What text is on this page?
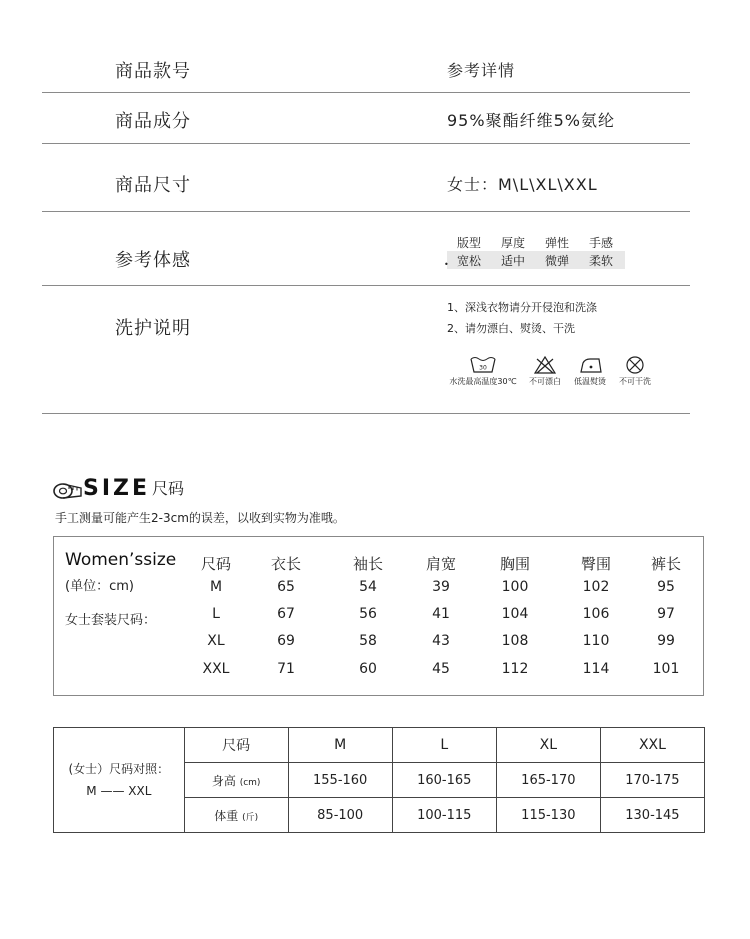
商品款号	参考详情
商品成分	95%聚酯纤维5%氨纶
商品尺寸	女士：M\L\XL\XXL
参考体感
版型	厚度	弹性	手感
宽松	适中	微弹	柔软
•
洗护说明
1、深浅衣物请分开侵泡和洗涤
2、请勿漂白、熨烫、干洗
30
水洗最高温度30℃	不可漂白	低温熨烫	不可干洗
SIZE 尺码
手工测量可能产生2-3cm的误差，以收到实物为准哦。
Women’ssize
(单位：cm)
女士套装尺码：
尺码	衣长	袖长	肩宽	胸围	臀围	裤长
M	65	54	39	100	102	95
L	67	56	41	104	106	97
XL	69	58	43	108	110	99
XXL	71	60	45	112	114	101
(女士）尺码对照：
M —— XXL	尺码	M	L	XL	XXL
	身高 (cm)	155-160	160-165	165-170	170-175
	体重 (斤)	85-100	100-115	115-130	130-145
